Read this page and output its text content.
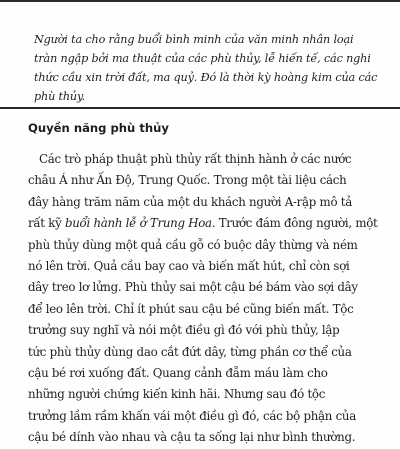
Người ta cho rằng buổi bình minh của văn minh nhân loại
tràn ngập bởi ma thuật của các phù thủy, lễ hiến tế, các nghi
thức cầu xin trời đất, ma quỷ. Đó là thời kỳ hoàng kim của các
phù thủy.

Quyền năng phù thủy

Các trò pháp thuật phù thủy rất thịnh hành ở các nước
châu Á như Ấn Độ, Trung Quốc. Trong một tài liệu cách
đây hàng trăm năm của một du khách người A-rập mô tả
rất kỹ buổi hành lễ ở Trung Hoa. Trước đám đông người, một
phù thủy dùng một quả cầu gỗ có buộc dây thừng và ném
nó lên trời. Quả cầu bay cao và biến mất hút, chỉ còn sợi
dây treo lơ lửng. Phù thủy sai một cậu bé bám vào sợi dây
để leo lên trời. Chỉ ít phút sau cậu bé cũng biến mất. Tộc
trưởng suy nghĩ và nói một điều gì đó với phù thủy, lập
tức phù thủy dùng dao cắt đứt dây, từng phần cơ thể của
cậu bé rơi xuống đất. Quang cảnh đẫm máu làm cho
những người chứng kiến kinh hãi. Nhưng sau đó tộc
trưởng lầm rầm khấn vái một điều gì đó, các bộ phận của
cậu bé dính vào nhau và cậu ta sống lại như bình thường.
